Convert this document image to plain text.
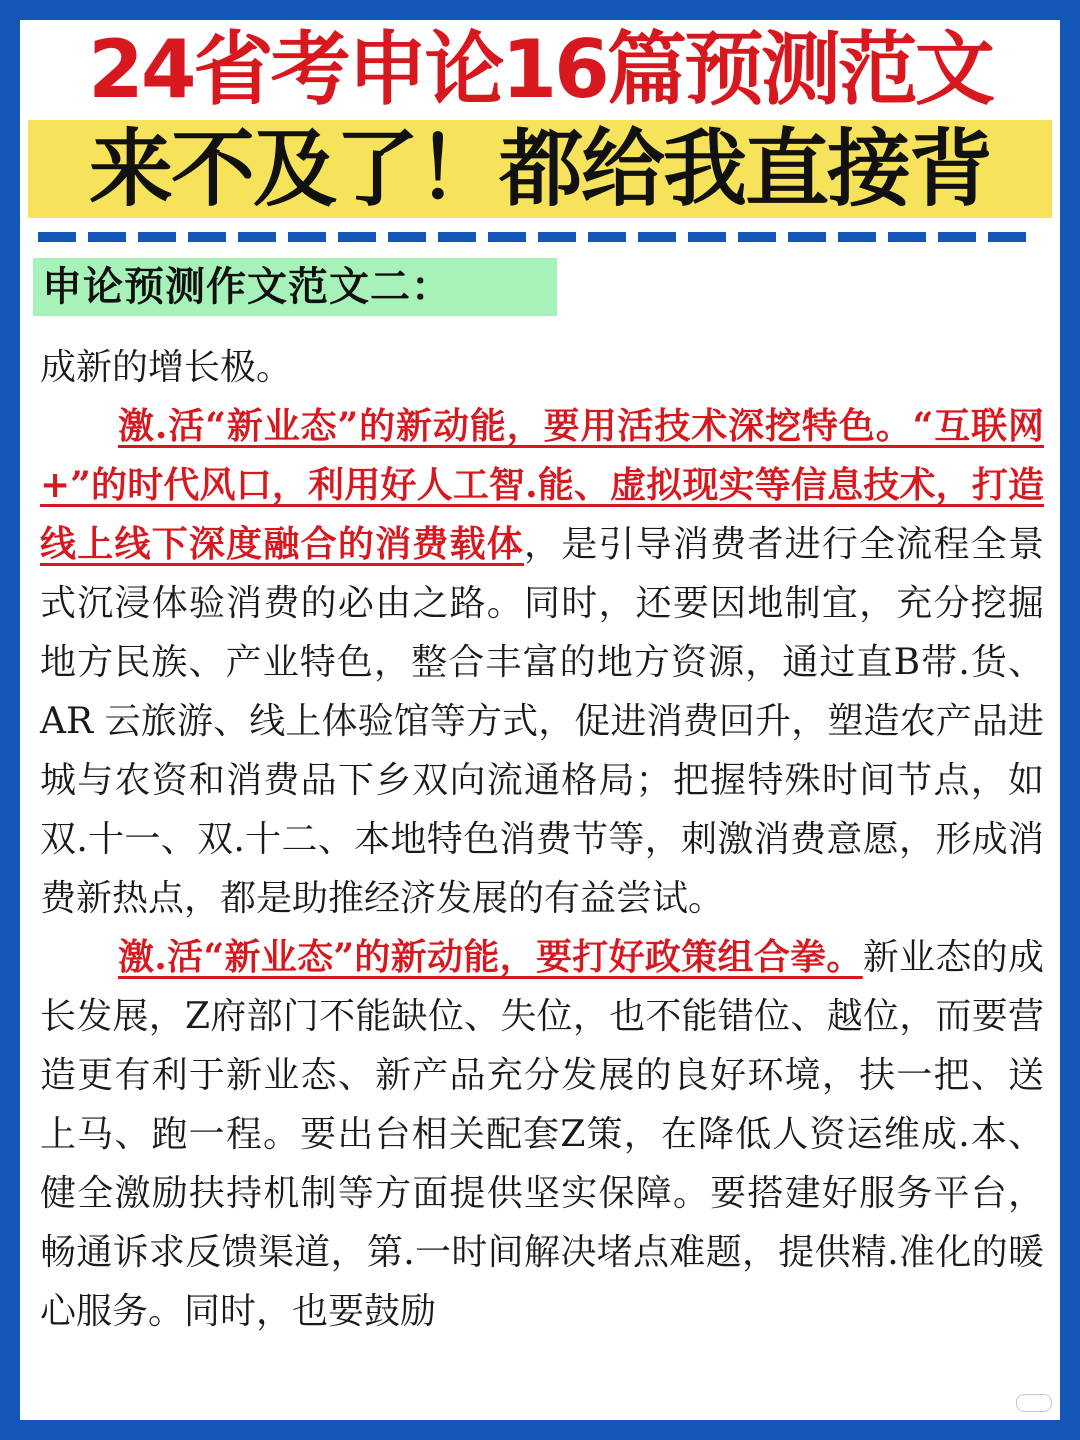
24省考申论16篇预测范文
来不及了！都给我直接背
申论预测作文范文二：

成新的增长极。

激.活“新业态”的新动能，要用活技术深挖特色。“互联网+”的时代风口，利用好人工智.能、虚拟现实等信息技术，打造线上线下深度融合的消费载体，是引导消费者进行全流程全景式沉浸体验消费的必由之路。同时，还要因地制宜，充分挖掘地方民族、产业特色，整合丰富的地方资源，通过直B带.货、AR 云旅游、线上体验馆等方式，促进消费回升，塑造农产品进城与农资和消费品下乡双向流通格局；把握特殊时间节点，如双.十一、双.十二、本地特色消费节等，刺激消费意愿，形成消费新热点，都是助推经济发展的有益尝试。

激.活“新业态”的新动能，要打好政策组合拳。新业态的成长发展，Z府部门不能缺位、失位，也不能错位、越位，而要营造更有利于新业态、新产品充分发展的良好环境，扶一把、送上马、跑一程。要出台相关配套Z策，在降低人资运维成.本、健全激励扶持机制等方面提供坚实保障。要搭建好服务平台，畅通诉求反馈渠道，第.一时间解决堵点难题，提供精.准化的暖心服务。同时，也要鼓励
